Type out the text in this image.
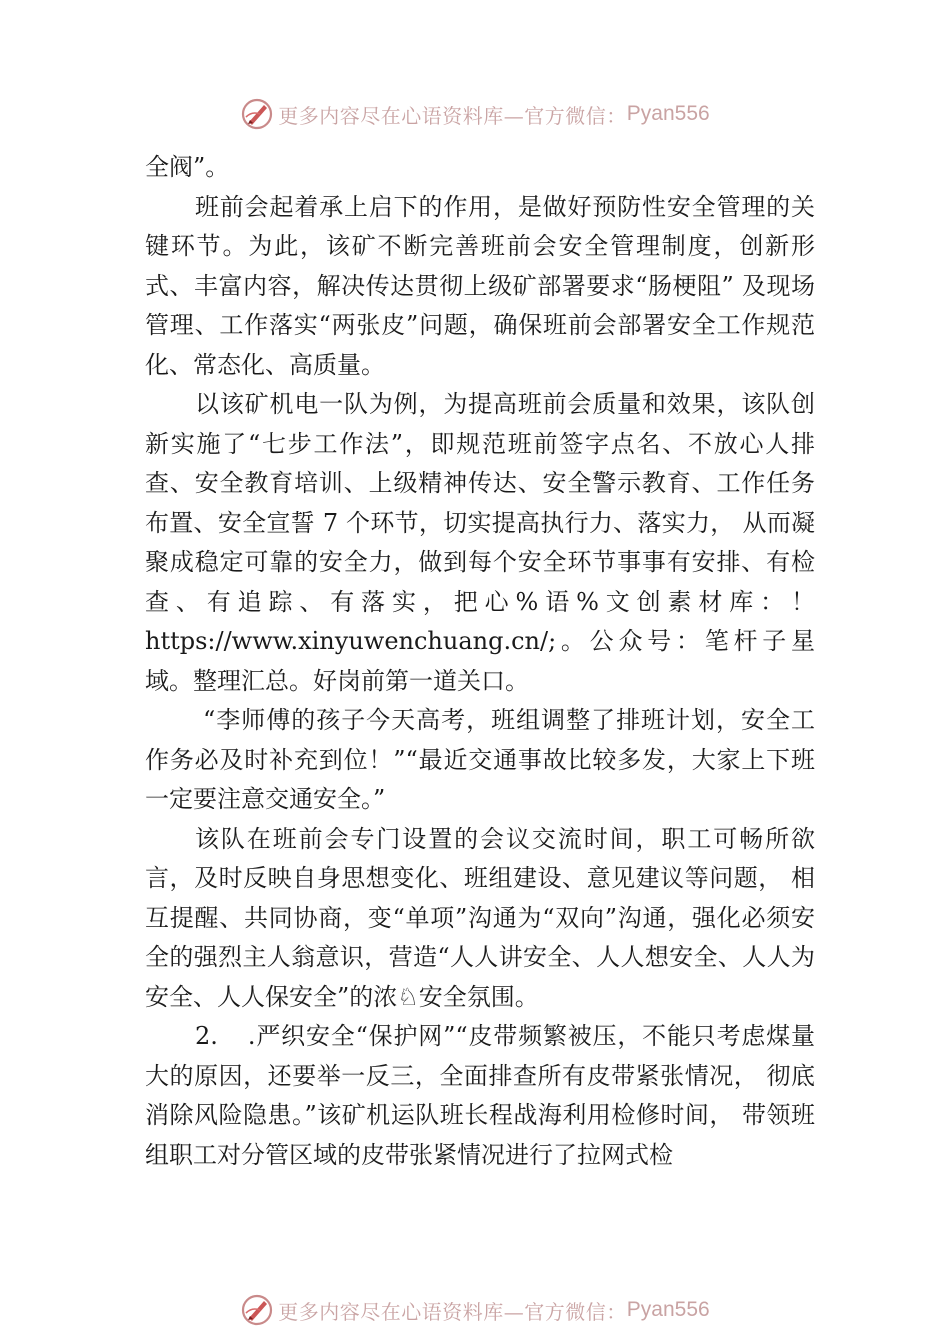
更多内容尽在心语资料库—官方微信： Pyan556

全阀”。

班前会起着承上启下的作用，是做好预防性安全管理的关键环节。为此，该矿不断完善班前会安全管理制度，创新形式、丰富内容，解决传达贯彻上级矿部署要求“肠梗阻” 及现场管理、工作落实“两张皮”问题，确保班前会部署安全工作规范化、常态化、高质量。

以该矿机电一队为例，为提高班前会质量和效果，该队创新实施了“七步工作法”，即规范班前签字点名、不放心人排查、安全教育培训、上级精神传达、安全警示教育、工作任务布置、安全宣誓 7 个环节，切实提高执行力、落实力， 从而凝聚成稳定可靠的安全力，做到每个安全环节事事有安排、有检查、有追踪、有落实，把心%语%文创素材库：！https://www.xinyuwenchuang.cn/;。公众号：笔杆子星域。整理汇总。好岗前第一道关口。

“李师傅的孩子今天高考，班组调整了排班计划，安全工作务必及时补充到位！”“最近交通事故比较多发，大家上下班一定要注意交通安全。”

该队在班前会专门设置的会议交流时间，职工可畅所欲言，及时反映自身思想变化、班组建设、意见建议等问题， 相互提醒、共同协商，变“单项”沟通为“双向”沟通，强化必须安全的强烈主人翁意识，营造“人人讲安全、人人想安全、人人为安全、人人保安全”的浓♘安全氛围。

2. .严织安全“保护网”“皮带频繁被压，不能只考虑煤量大的原因，还要举一反三，全面排查所有皮带紧张情况， 彻底消除风险隐患。”该矿机运队班长程战海利用检修时间， 带领班组职工对分管区域的皮带张紧情况进行了拉网式检

更多内容尽在心语资料库—官方微信： Pyan556
